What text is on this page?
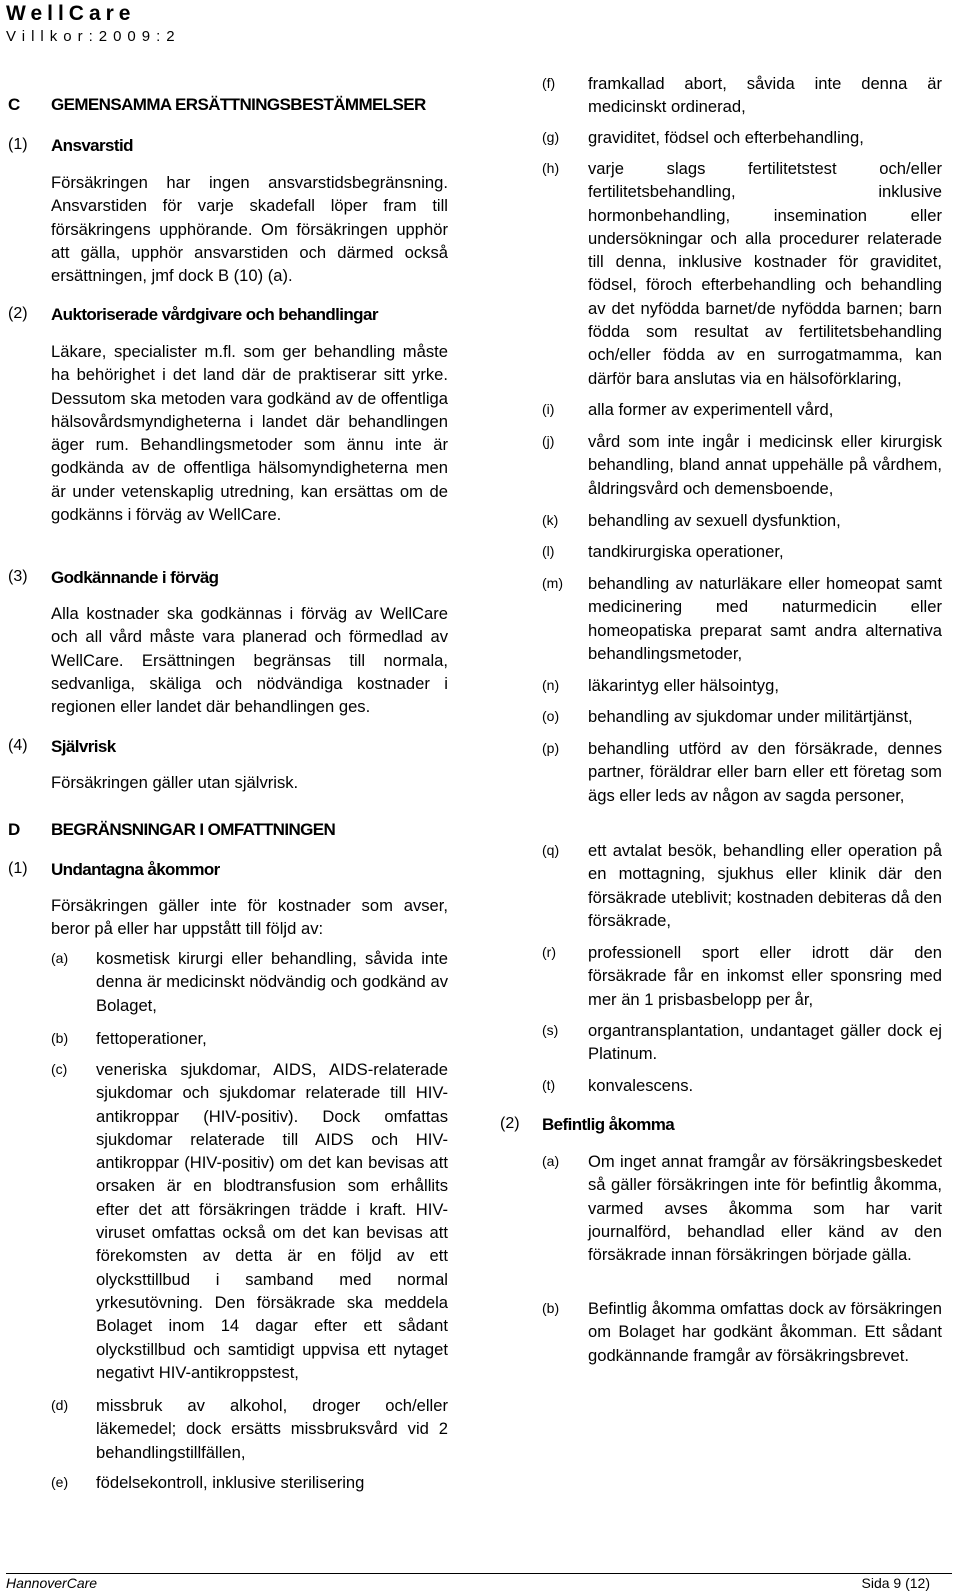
WellCare
Villkor:2009:2
C GEMENSAMMA ERSÄTTNINGSBESTÄMMELSER
(1) Ansvarstid
Försäkringen har ingen ansvarstidsbegränsning. Ansvarstiden för varje skadefall löper fram till försäkringens upphörande. Om försäkringen upphör att gälla, upphör ansvarstiden och därmed också ersättningen, jmf dock B (10) (a).
(2) Auktoriserade vårdgivare och behandlingar
Läkare, specialister m.fl. som ger behandling måste ha behörighet i det land där de praktiserar sitt yrke. Dessutom ska metoden vara godkänd av de offentliga hälsovårdsmyndigheterna i landet där behandlingen äger rum. Behandlingsmetoder som ännu inte är godkända av de offentliga hälsomyndigheterna men är under vetenskaplig utredning, kan ersättas om de godkänns i förväg av WellCare.
(3) Godkännande i förväg
Alla kostnader ska godkännas i förväg av WellCare och all vård måste vara planerad och förmedlad av WellCare. Ersättningen begränsas till normala, sedvanliga, skäliga och nödvändiga kostnader i regionen eller landet där behandlingen ges.
(4) Självrisk
Försäkringen gäller utan självrisk.
D BEGRÄNSNINGAR I OMFATTNINGEN
(1) Undantagna åkommor
Försäkringen gäller inte för kostnader som avser, beror på eller har uppstått till följd av:
(a) kosmetisk kirurgi eller behandling, såvida inte denna är medicinskt nödvändig och godkänd av Bolaget,
(b) fettoperationer,
(c) veneriska sjukdomar, AIDS, AIDS-relaterade sjukdomar och sjukdomar relaterade till HIV-antikroppar (HIV-positiv). Dock omfattas sjukdomar relaterade till AIDS och HIV-antikroppar (HIV-positiv) om det kan bevisas att orsaken är en blodtransfusion som erhållits efter det att försäkringen trädde i kraft. HIV-viruset omfattas också om det kan bevisas att förekomsten av detta är en följd av ett olycksttillbud i samband med normal yrkesutövning. Den försäkrade ska meddela Bolaget inom 14 dagar efter ett sådant olyckstillbud och samtidigt uppvisa ett nytaget negativt HIV-antikroppstest,
(d) missbruk av alkohol, droger och/eller läkemedel; dock ersätts missbruksvård vid 2 behandlingstillfällen,
(e) födelsekontroll, inklusive sterilisering
(f) framkallad abort, såvida inte denna är medicinskt ordinerad,
(g) graviditet, födsel och efterbehandling,
(h) varje slags fertilitetstest och/eller fertilitetsbehandling, inklusive hormonbehandling, insemination eller undersökningar och alla procedurer relaterade till denna, inklusive kostnader för graviditet, födsel, föroch efterbehandling och behandling av det nyfödda barnet/de nyfödda barnen; barn födda som resultat av fertilitetsbehandling och/eller födda av en surrogatmamma, kan därför bara anslutas via en hälsoförklaring,
(i) alla former av experimentell vård,
(j) vård som inte ingår i medicinsk eller kirurgisk behandling, bland annat uppehälle på vårdhem, åldringsvård och demensboende,
(k) behandling av sexuell dysfunktion,
(l) tandkirurgiska operationer,
(m) behandling av naturläkare eller homeopat samt medicinering med naturmedicin eller homeopatiska preparat samt andra alternativa behandlingsmetoder,
(n) läkarintyg eller hälsointyg,
(o) behandling av sjukdomar under militärtjänst,
(p) behandling utförd av den försäkrade, dennes partner, föräldrar eller barn eller ett företag som ägs eller leds av någon av sagda personer,
(q) ett avtalat besök, behandling eller operation på en mottagning, sjukhus eller klinik där den försäkrade uteblivit; kostnaden debiteras då den försäkrade,
(r) professionell sport eller idrott där den försäkrade får en inkomst eller sponsring med mer än 1 prisbasbelopp per år,
(s) organtransplantation, undantaget gäller dock ej Platinum.
(t) konvalescens.
(2) Befintlig åkomma
(a) Om inget annat framgår av försäkringsbeskedet så gäller försäkringen inte för befintlig åkomma, varmed avses åkomma som har varit journalförd, behandlad eller känd av den försäkrade innan försäkringen började gälla.
(b) Befintlig åkomma omfattas dock av försäkringen om Bolaget har godkänt åkomman. Ett sådant godkännande framgår av försäkringsbrevet.
HannoverCare	Sida 9 (12)
